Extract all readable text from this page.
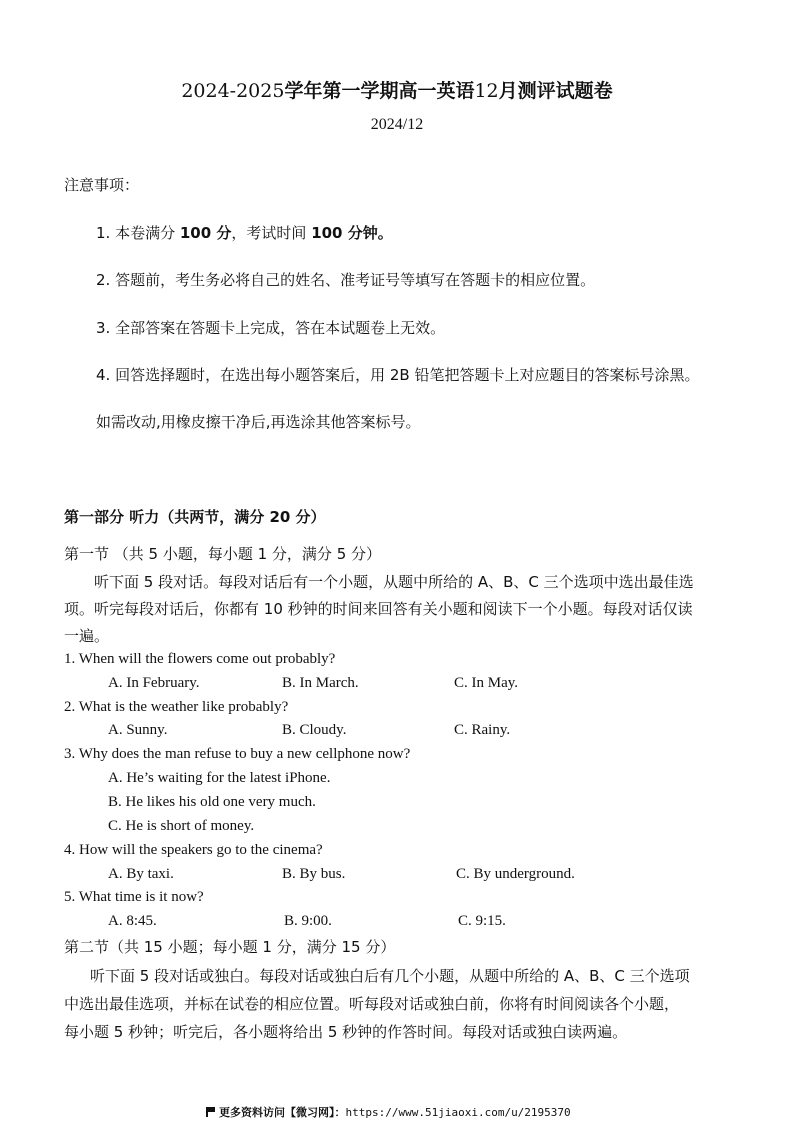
2024-2025学年第一学期高一英语12月测评试题卷
2024/12
注意事项：
1. 本卷满分 100 分，考试时间 100 分钟。
2. 答题前，考生务必将自己的姓名、准考证号等填写在答题卡的相应位置。
3. 全部答案在答题卡上完成，答在本试题卷上无效。
4. 回答选择题时，在选出每小题答案后，用 2B 铅笔把答题卡上对应题目的答案标号涂黑。
如需改动,用橡皮擦干净后,再选涂其他答案标号。
第一部分 听力（共两节，满分 20 分）
第一节 （共 5 小题，每小题 1 分，满分 5 分）
听下面 5 段对话。每段对话后有一个小题，从题中所给的 A、B、C 三个选项中选出最佳选
项。听完每段对话后，你都有 10 秒钟的时间来回答有关小题和阅读下一个小题。每段对话仅读
一遍。
1. When will the flowers come out probably?
A. In February.	B. In March.	C. In May.
2. What is the weather like probably?
A. Sunny.	B. Cloudy.	C. Rainy.
3. Why does the man refuse to buy a new cellphone now?
A. He’s waiting for the latest iPhone.
B. He likes his old one very much.
C. He is short of money.
4. How will the speakers go to the cinema?
A. By taxi.	B. By bus.	C. By underground.
5. What time is it now?
A. 8:45.	B. 9:00.	C. 9:15.
第二节（共 15 小题；每小题 1 分，满分 15 分）
听下面 5 段对话或独白。每段对话或独白后有几个小题，从题中所给的 A、B、C 三个选项
中选出最佳选项，并标在试卷的相应位置。听每段对话或独白前，你将有时间阅读各个小题，
每小题 5 秒钟；听完后，各小题将给出 5 秒钟的作答时间。每段对话或独白读两遍。
更多资料访问【微习网】：https://www.51jiaoxi.com/u/2195370
